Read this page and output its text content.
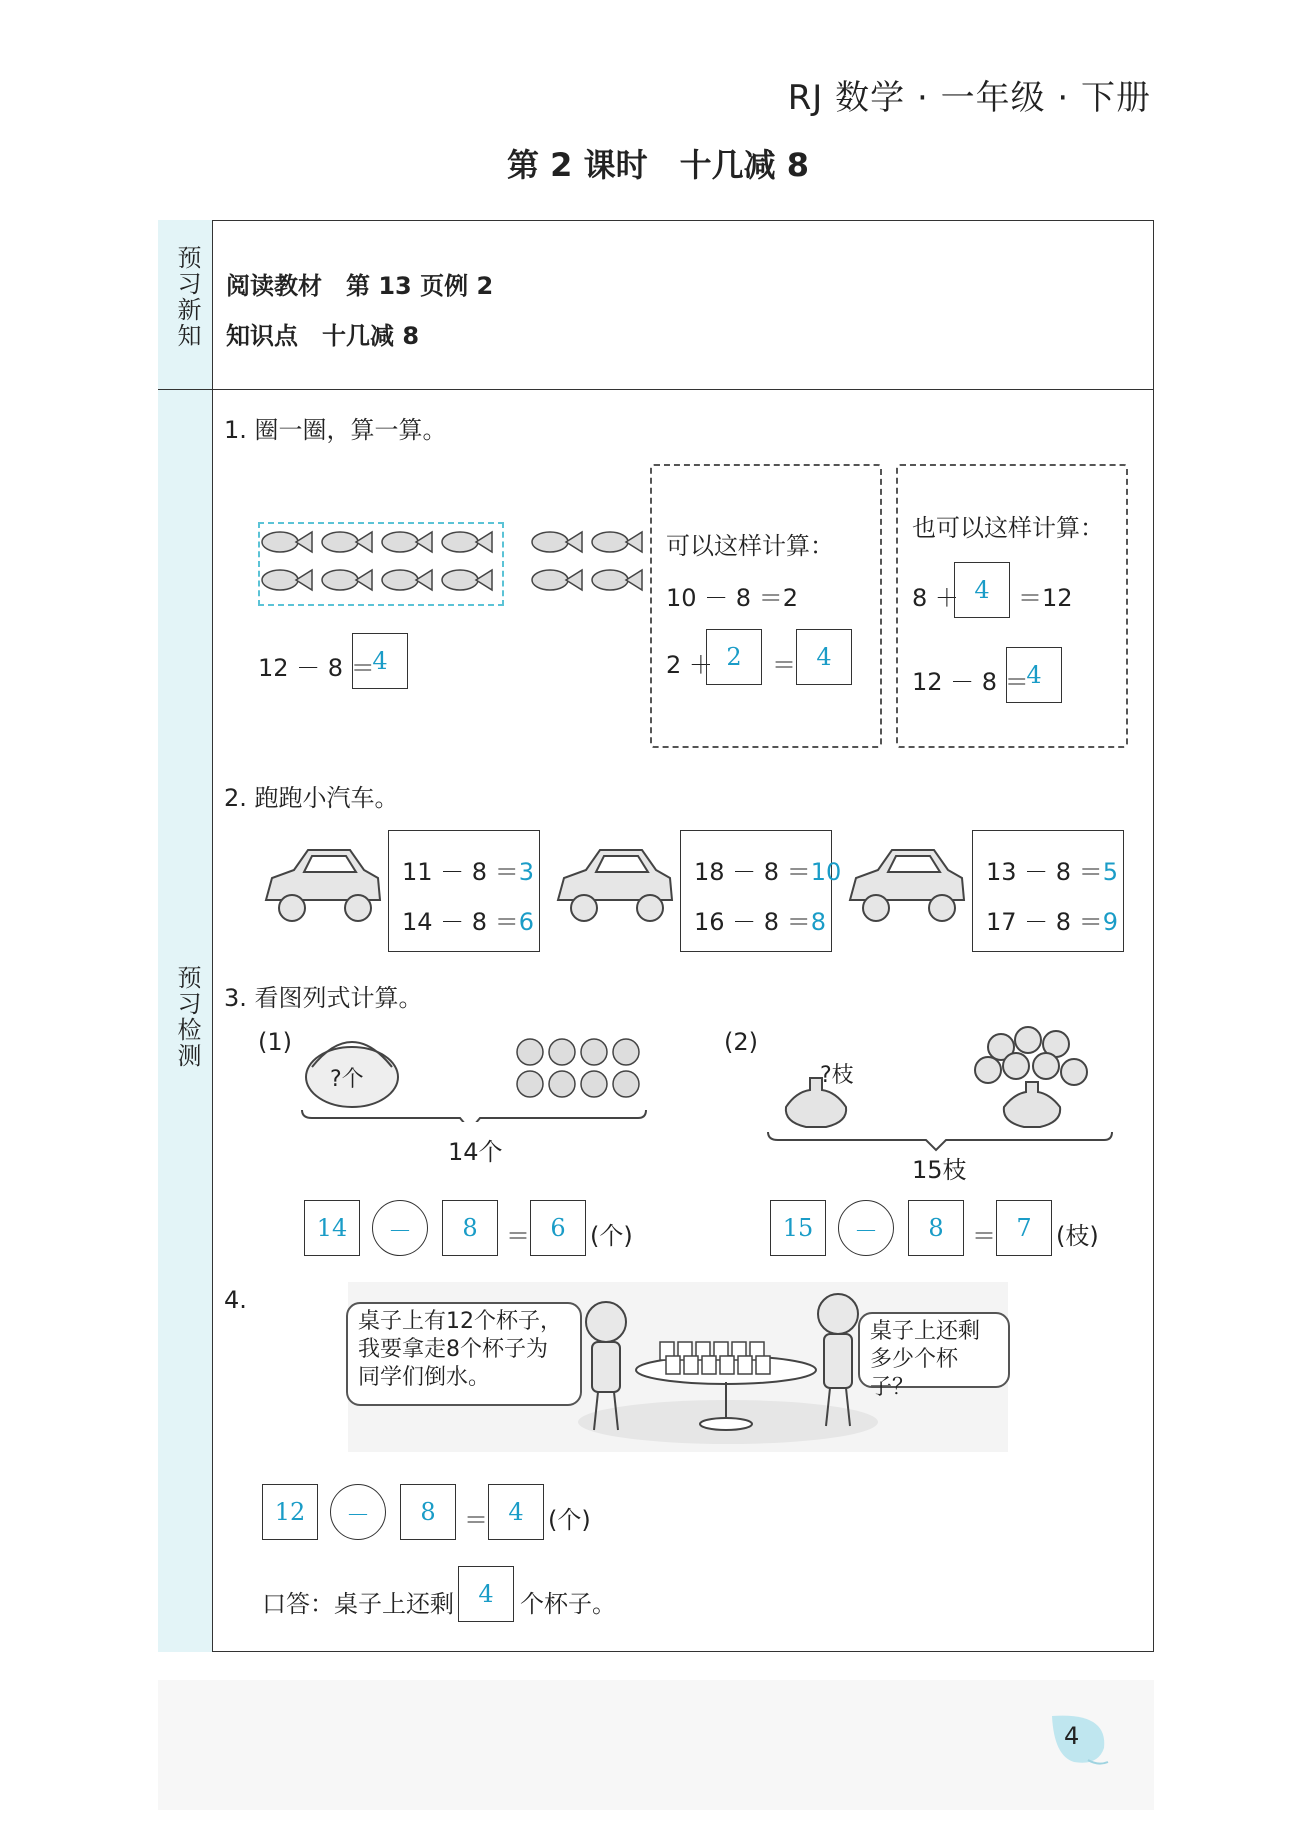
RJ 数学 · 一年级 · 下册
第 2 课时　十几减 8
预习新知
预习检测
阅读教材　第 13 页例 2
知识点　十几减 8
1. 圈一圈，算一算。
12 － 8 ＝
4
可以这样计算：
10 － 8 ＝2
2 ＋ 2	＝ 4
也可以这样计算：
8 ＋ 4	＝12
12 － 8 ＝
4
2. 跑跑小汽车。
11 － 8 ＝3
14 － 8 ＝6
18 － 8 ＝10
16 － 8 ＝8
13 － 8 ＝5
17 － 8 ＝9
3. 看图列式计算。
(1)
?个
14个
14	－	8	＝ 6	(个)
(2)
?枝
15枝
15	－	8	＝ 7	(枝)
4.
桌子上有12个杯子，
我要拿走8个杯子为
同学们倒水。
桌子上还剩
多少个杯子？
12	－	8	＝ 4	(个)
口答：桌子上还剩	4	个杯子。
4
